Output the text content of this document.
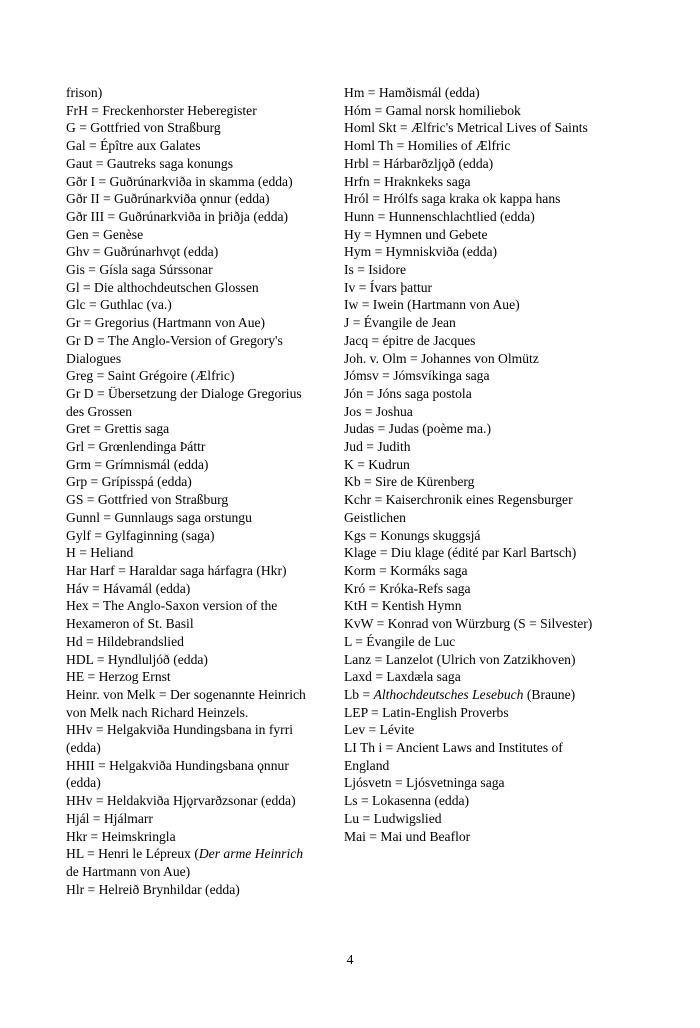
frison)
FrH = Freckenhorster Heberegister
G = Gottfried von Straßburg
Gal = Épître aux Galates
Gaut = Gautreks saga konungs
Gðr I = Guðrúnarkviða in skamma (edda)
Gðr II = Guðrúnarkviða ǫnnur (edda)
Gðr III = Guðrúnarkviða in þriðja (edda)
Gen = Genèse
Ghv = Guðrúnarhvǫt (edda)
Gis = Gísla saga Súrssonar
Gl = Die althochdeutschen Glossen
Glc = Guthlac (va.)
Gr = Gregorius (Hartmann von Aue)
Gr D = The Anglo-Version of Gregory's Dialogues
Greg = Saint Grégoire (Ælfric)
Gr D = Übersetzung der Dialoge Gregorius des Grossen
Gret = Grettis saga
Grl = Grœnlendinga Þáttr
Grm = Grímnismál (edda)
Grp = Grípisspá (edda)
GS = Gottfried von Straßburg
Gunnl = Gunnlaugs saga orstungu
Gylf = Gylfaginning (saga)
H = Heliand
Har Harf = Haraldar saga hárfagra (Hkr)
Háv = Hávamál (edda)
Hex = The Anglo-Saxon version of the Hexameron of St. Basil
Hd = Hildebrandslied
HDL = Hyndluljóð (edda)
HE = Herzog Ernst
Heinr. von Melk = Der sogenannte Heinrich von Melk nach Richard Heinzels.
HHv = Helgakviða Hundingsbana in fyrri (edda)
HHII = Helgakviða Hundingsbana ǫnnur (edda)
HHv = Heldakviða Hjǫrvarðzsonar (edda)
Hjál = Hjálmarr
Hkr = Heimskringla
HL = Henri le Lépreux (Der arme Heinrich de Hartmann von Aue)
Hlr = Helreið Brynhildar (edda)
Hm = Hamðismál (edda)
Hóm = Gamal norsk homiliebok
Homl Skt = Ælfric's Metrical Lives of Saints
Homl Th = Homilies of Ælfric
Hrbl = Hárbarðzljǫð (edda)
Hrfn = Hraknkeks saga
Hról = Hrólfs saga kraka ok kappa hans
Hunn = Hunnenschlachtlied (edda)
Hy = Hymnen und Gebete
Hym = Hymniskviða (edda)
Is = Isidore
Iv = Ívars þattur
Iw = Iwein (Hartmann von Aue)
J = Évangile de Jean
Jacq = épitre de Jacques
Joh. v. Olm = Johannes von Olmütz
Jómsv = Jómsvíkinga saga
Jón = Jóns saga postola
Jos = Joshua
Judas = Judas (poème ma.)
Jud = Judith
K = Kudrun
Kb = Sire de Kürenberg
Kchr = Kaiserchronik eines Regensburger Geistlichen
Kgs = Konungs skuggsjá
Klage = Diu klage (édité par Karl Bartsch)
Korm = Kormáks saga
Kró = Króka-Refs saga
KtH = Kentish Hymn
KvW = Konrad von Würzburg (S = Silvester)
L = Évangile de Luc
Lanz = Lanzelot (Ulrich von Zatzikhoven)
Laxd = Laxdæla saga
Lb = Althochdeutsches Lesebuch (Braune)
LEP = Latin-English Proverbs
Lev = Lévite
LI Th i = Ancient Laws and Institutes of England
Ljósvetn = Ljósvetninga saga
Ls = Lokasenna (edda)
Lu = Ludwigslied
Mai = Mai und Beaflor
4
